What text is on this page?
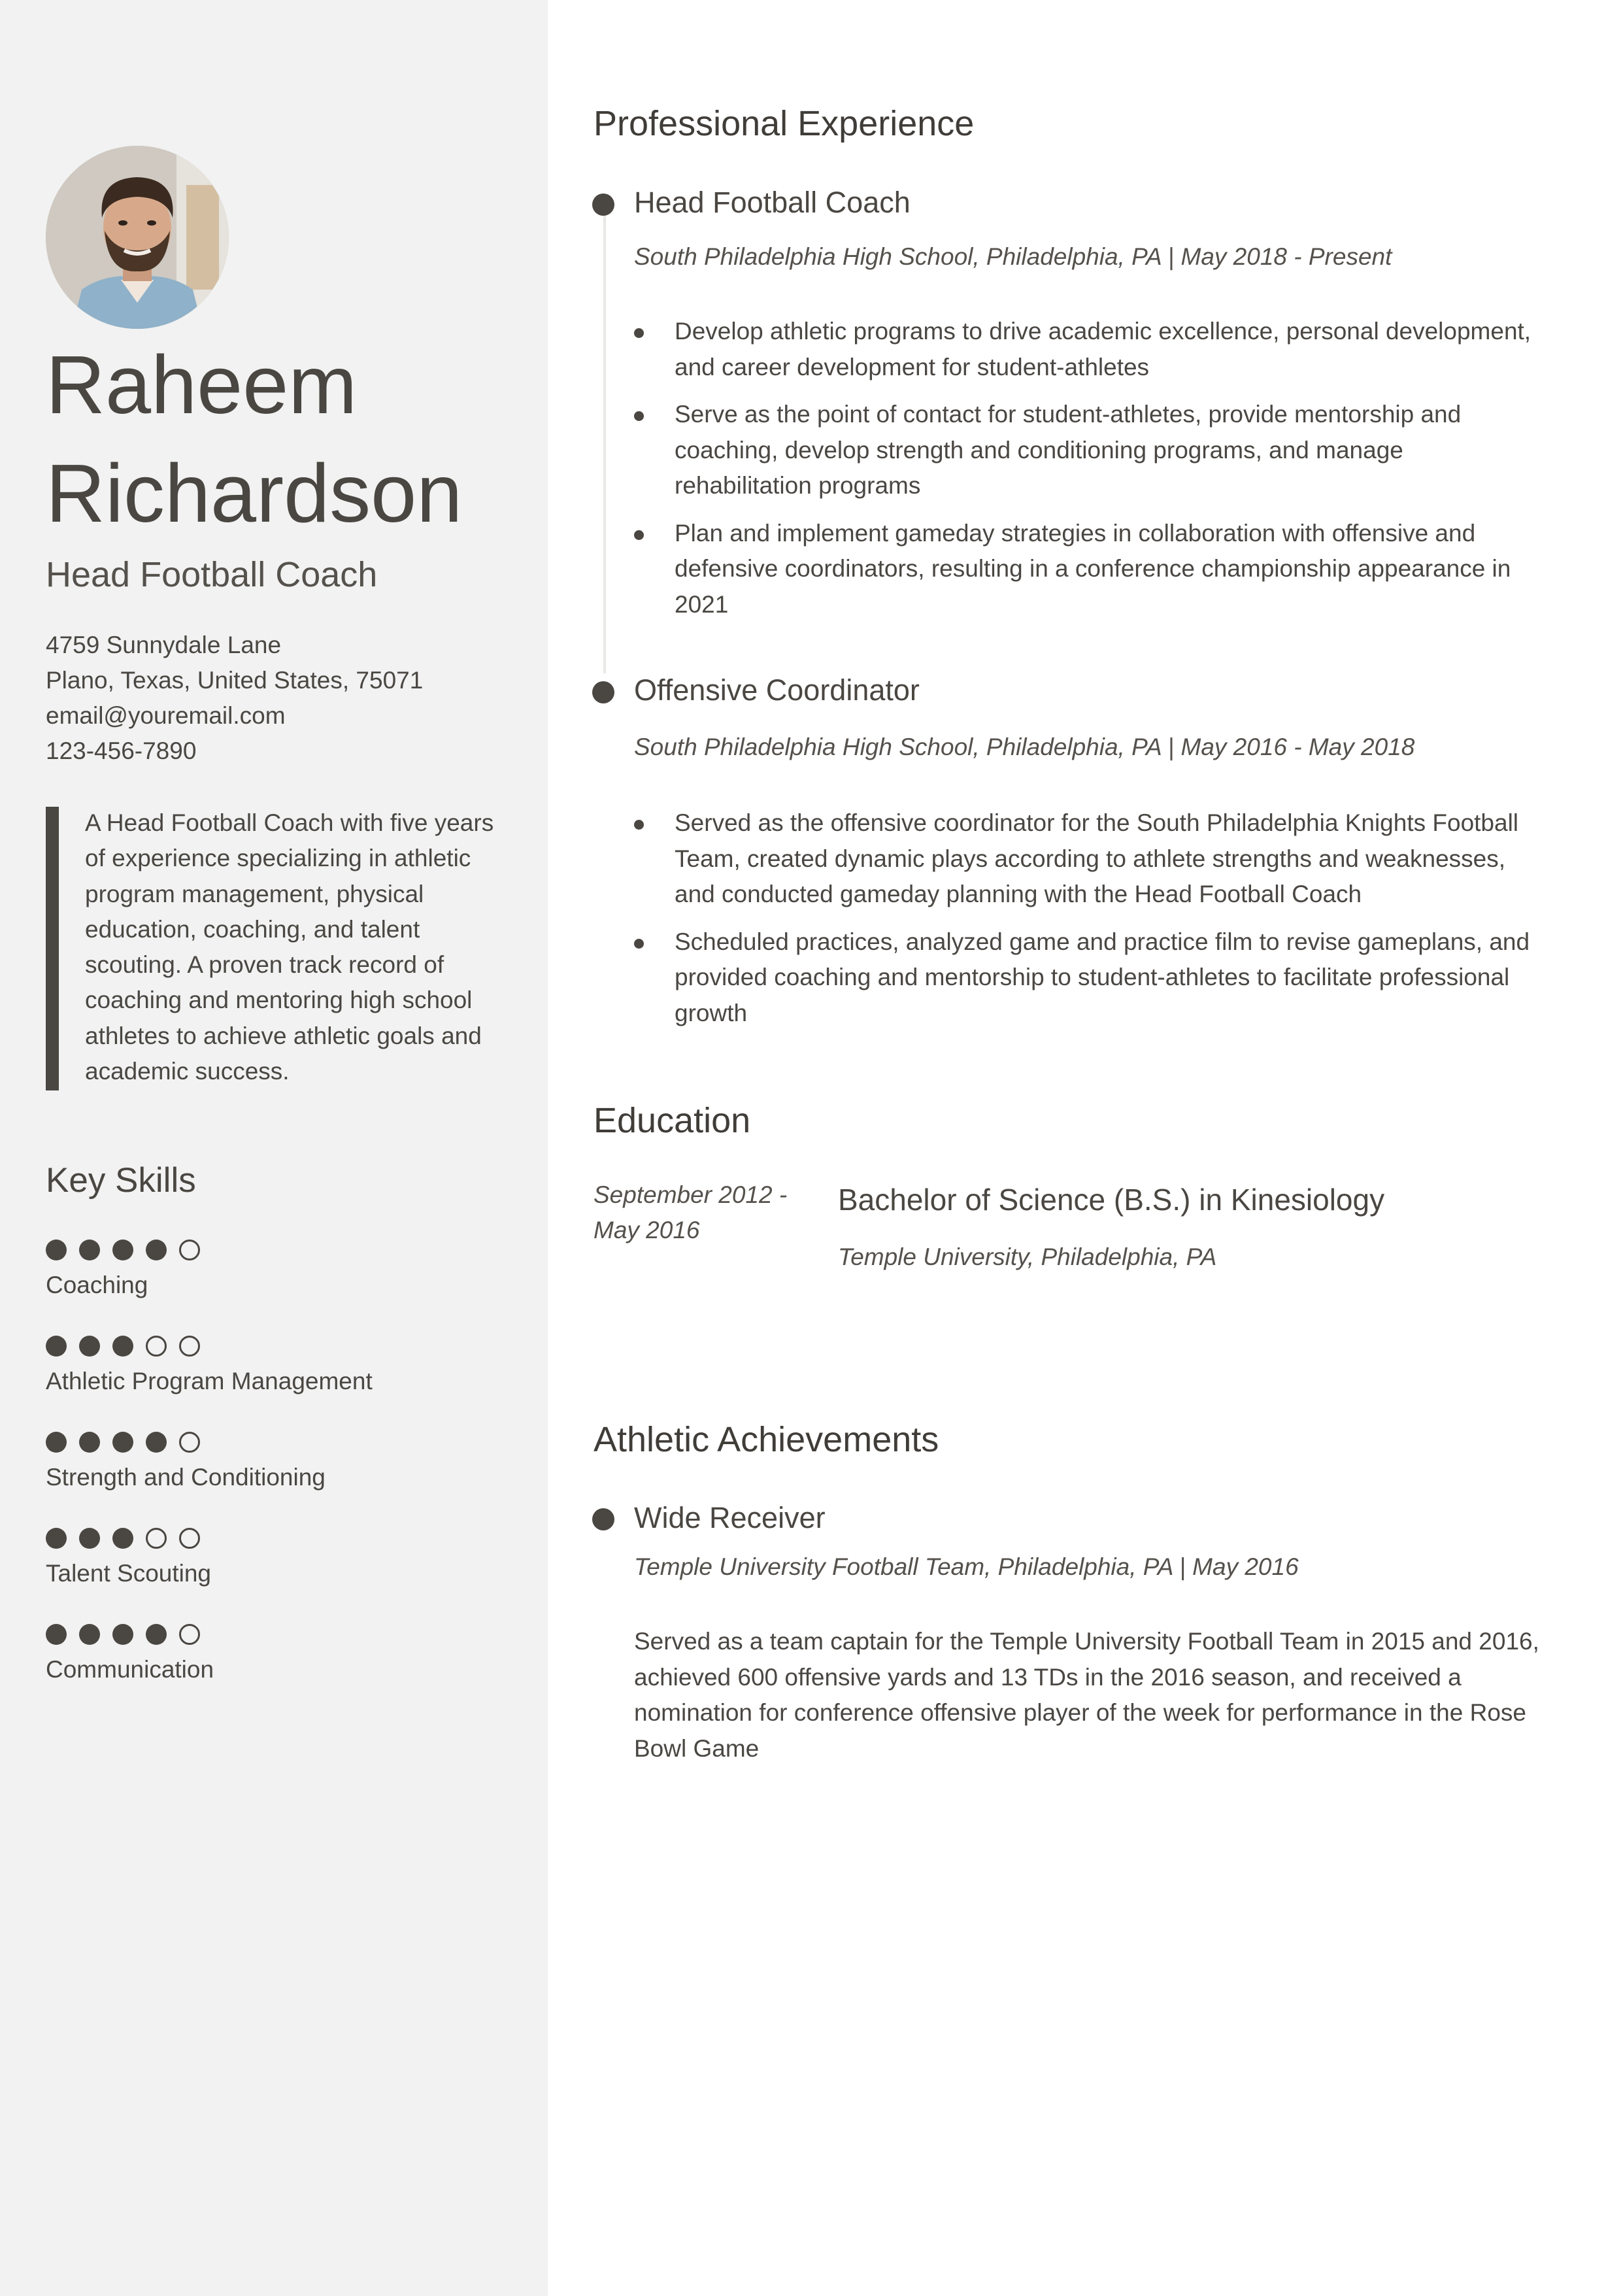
Raheem
Richardson
Head Football Coach
4759 Sunnydale Lane
Plano, Texas, United States, 75071
email@youremail.com
123-456-7890
A Head Football Coach with five years of experience specializing in athletic program management, physical education, coaching, and talent scouting. A proven track record of coaching and mentoring high school athletes to achieve athletic goals and academic success.
Key Skills
Coaching
Athletic Program Management
Strength and Conditioning
Talent Scouting
Communication
Professional Experience
Head Football Coach
South Philadelphia High School, Philadelphia, PA | May 2018 - Present
Develop athletic programs to drive academic excellence, personal development, and career development for student-athletes
Serve as the point of contact for student-athletes, provide mentorship and coaching, develop strength and conditioning programs, and manage rehabilitation programs
Plan and implement gameday strategies in collaboration with offensive and defensive coordinators, resulting in a conference championship appearance in 2021
Offensive Coordinator
South Philadelphia High School, Philadelphia, PA | May 2016 - May 2018
Served as the offensive coordinator for the South Philadelphia Knights Football Team, created dynamic plays according to athlete strengths and weaknesses, and conducted gameday planning with the Head Football Coach
Scheduled practices, analyzed game and practice film to revise gameplans, and provided coaching and mentorship to student-athletes to facilitate professional growth
Education
September 2012 -
May 2016
Bachelor of Science (B.S.) in Kinesiology
Temple University, Philadelphia, PA
Athletic Achievements
Wide Receiver
Temple University Football Team, Philadelphia, PA | May 2016
Served as a team captain for the Temple University Football Team in 2015 and 2016, achieved 600 offensive yards and 13 TDs in the 2016 season, and received a nomination for conference offensive player of the week for performance in the Rose Bowl Game
